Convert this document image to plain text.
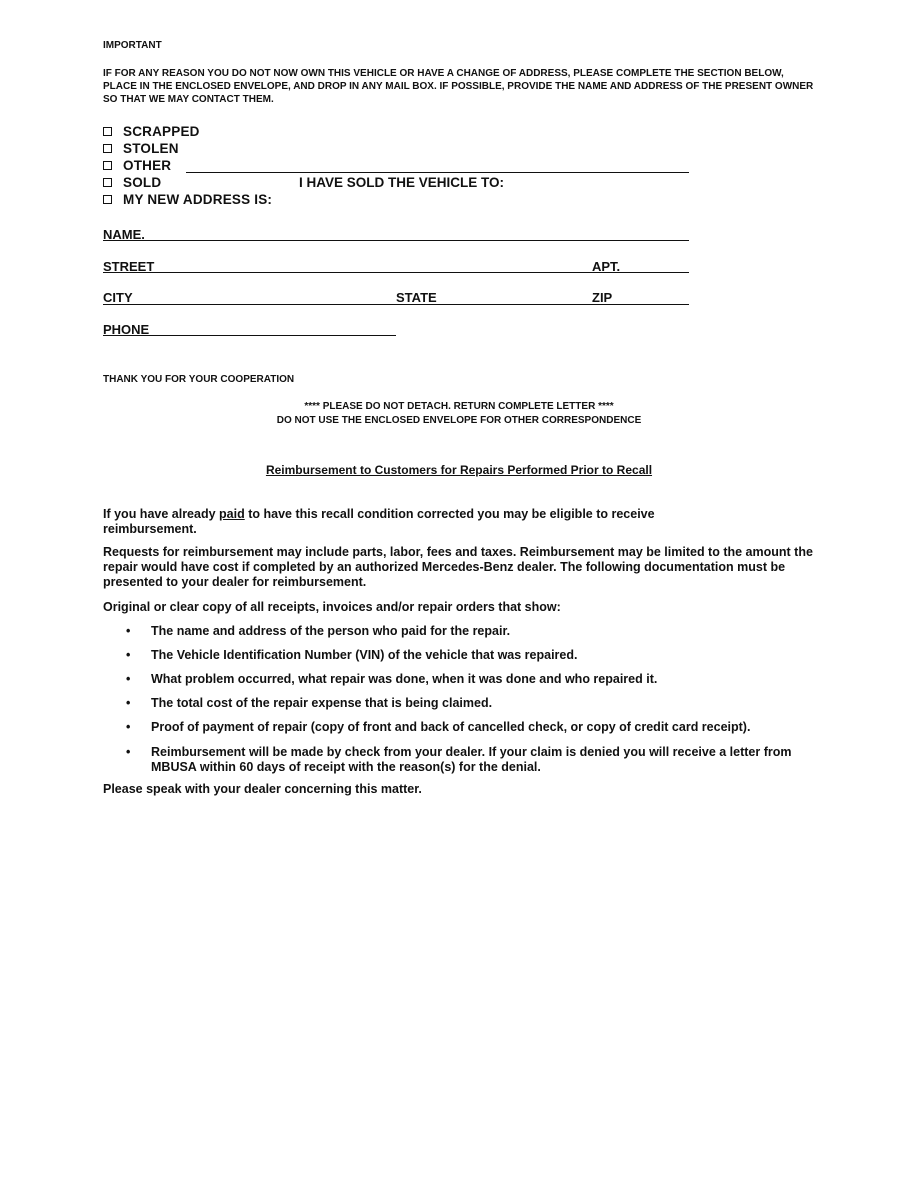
IMPORTANT
IF FOR ANY REASON YOU DO NOT NOW OWN THIS VEHICLE OR HAVE A CHANGE OF ADDRESS, PLEASE COMPLETE THE SECTION BELOW, PLACE IN THE ENCLOSED ENVELOPE, AND DROP IN ANY MAIL BOX. IF POSSIBLE, PROVIDE THE NAME AND ADDRESS OF THE PRESENT OWNER SO THAT WE MAY CONTACT THEM.
SCRAPPED
STOLEN
OTHER
SOLD	I HAVE SOLD THE VEHICLE TO:
MY NEW ADDRESS IS:
NAME.
STREET	APT.
CITY	STATE	ZIP
PHONE
THANK YOU FOR YOUR COOPERATION
**** PLEASE DO NOT DETACH. RETURN COMPLETE LETTER ****
DO NOT USE THE ENCLOSED ENVELOPE FOR OTHER CORRESPONDENCE
Reimbursement to Customers for Repairs Performed Prior to Recall
If you have already paid to have this recall condition corrected you may be eligible to receive reimbursement.
Requests for reimbursement may include parts, labor, fees and taxes. Reimbursement may be limited to the amount the repair would have cost if completed by an authorized Mercedes-Benz dealer. The following documentation must be presented to your dealer for reimbursement.
Original or clear copy of all receipts, invoices and/or repair orders that show:
• The name and address of the person who paid for the repair.
• The Vehicle Identification Number (VIN) of the vehicle that was repaired.
• What problem occurred, what repair was done, when it was done and who repaired it.
• The total cost of the repair expense that is being claimed.
• Proof of payment of repair (copy of front and back of cancelled check, or copy of credit card receipt).
• Reimbursement will be made by check from your dealer. If your claim is denied you will receive a letter from MBUSA within 60 days of receipt with the reason(s) for the denial.
Please speak with your dealer concerning this matter.
